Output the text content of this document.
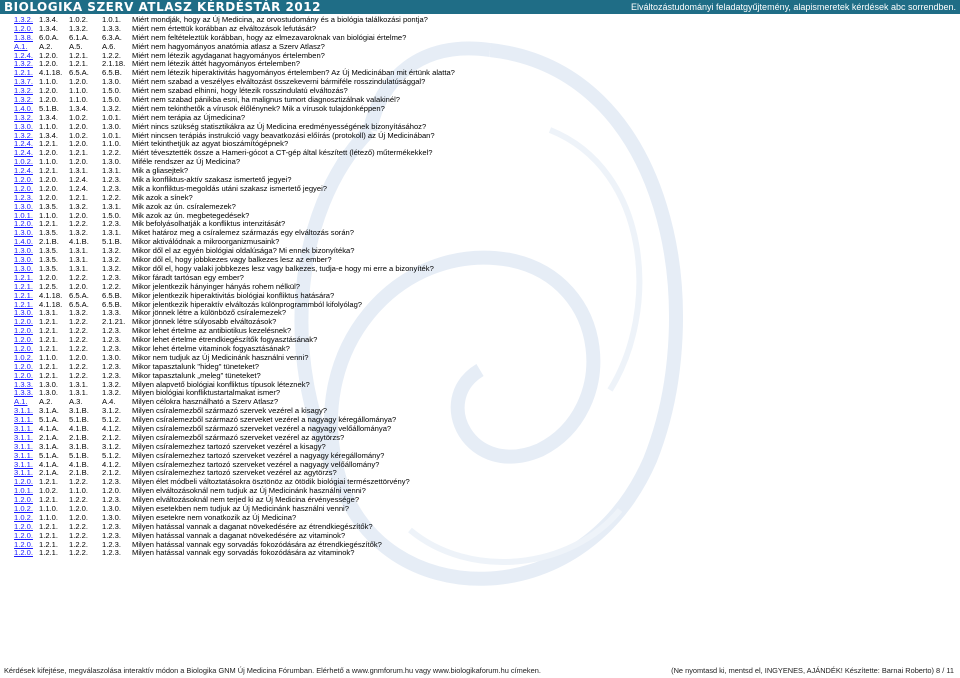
BIOLOGIKA SZERV ATLASZ KÉRDÉSTÁR 2012	Elváltozástudományi feladatgyűjtemény, alapismeretek kérdések abc sorrendben.
1.3.2. 1.3.4. 1.0.2. 1.0.1. Miért mondják, hogy az Új Medicina, az orvostudomány és a biológia találkozási pontja?
1.2.0. 1.3.4. 1.3.2. 1.3.3. Miért nem értettük korábban az elváltozások lefutását?
1.3.8. 6.0.A. 6.1.A. 6.3.A. Miért nem feltételeztük korábban, hogy az elmezavaroknak van biológiai értelme?
A.1. A.2. A.5.	A.6. Miért nem hagyományos anatómia atlasz a Szerv Atlasz?
1.2.4. 1.2.0. 1.2.1. 1.2.2. Miért nem létezik agydaganat hagyományos értelemben?
1.3.2. 1.2.0. 1.2.1. 2.1.18. Miért nem létezik áttét hagyományos értelemben?
1.2.1. 4.1.18. 6.5.A. 6.5.B. Miért nem létezik hiperaktivitás hagyományos értelemben? Az Új Medicinában mit értünk alatta?
1.3.7. 1.1.0. 1.2.0. 1.3.0. Miért nem szabad a veszélyes elváltozást összekeverni bármiféle rosszindulatúsággal?
1.3.2. 1.2.0. 1.1.0. 1.5.0. Miért nem szabad elhinni, hogy létezik rosszindulatú elváltozás?
1.3.2. 1.2.0. 1.1.0. 1.5.0. Miért nem szabad pánikba esni, ha malignus tumort diagnosztizálnak valakinél?
1.4.0. 5.1.B. 1.3.4. 1.3.2. Miért nem tekinthetők a vírusok élőlénynek? Mik a vírusok tulajdonképpen?
1.3.2. 1.3.4. 1.0.2. 1.0.1. Miért nem terápia az Újmedicina?
1.3.0. 1.1.0. 1.2.0. 1.3.0. Miért nincs szükség statisztikákra az Új Medicina eredményességének bizonyításához?
1.3.2. 1.3.4. 1.0.2. 1.0.1. Miért nincsen terápiás instrukció vagy beavatkozási előírás (protokoll) az Új Medicinában?
1.2.4. 1.2.1. 1.2.0. 1.1.0. Miért tekinthetjük az agyat bioszámítógépnek?
1.2.4. 1.2.0. 1.2.1. 1.2.2. Miért tévesztették össze a Hameri-gócot a CT-gép által készített (létező) műtermékekkel?
1.0.2. 1.1.0. 1.2.0. 1.3.0. Miféle rendszer az Új Medicina?
1.2.4. 1.2.1. 1.3.1. 1.3.1. Mik a gliasejtek?
1.2.0. 1.2.0. 1.2.4. 1.2.3. Mik a konfliktus-aktív szakasz ismertető jegyei?
1.2.0. 1.2.0. 1.2.4. 1.2.3. Mik a konfliktus-megoldás utáni szakasz ismertető jegyei?
1.2.3. 1.2.0. 1.2.1. 1.2.2. Mik azok a sínek?
1.3.0. 1.3.5. 1.3.2. 1.3.1. Mik azok az ún. csíralemezek?
1.0.1. 1.1.0. 1.2.0. 1.5.0. Mik azok az ún. megbetegedések?
1.2.0. 1.2.1. 1.2.2. 1.2.3. Mik befolyásolhatják a konfliktus intenzitását?
1.3.0. 1.3.5. 1.3.2. 1.3.1. Miket határoz meg a csíralemez származás egy elváltozás során?
1.4.0. 2.1.B. 4.1.B. 5.1.B. Mikor aktiválódnak a mikroorganizmusaink?
1.3.0. 1.3.5. 1.3.1. 1.3.2. Mikor dől el az egyén biológiai oldalúsága? Mi ennek bizonyítéka?
1.3.0. 1.3.5. 1.3.1. 1.3.2. Mikor dől el, hogy jobbkezes vagy balkezes lesz az ember?
1.3.0. 1.3.5. 1.3.1. 1.3.2. Mikor dől el, hogy valaki jobbkezes lesz vagy balkezes, tudja-e hogy mi erre a bizonyíték?
1.2.1. 1.2.0. 1.2.2. 1.2.3. Mikor fáradt tartósan egy ember?
1.2.1. 1.2.5. 1.2.0. 1.2.2. Mikor jelentkezik hányinger hányás rohem nélkül?
1.2.1. 4.1.18. 6.5.A. 6.5.B. Mikor jelentkezik hiperaktivitás biológiai konfliktus hatására?
1.2.1. 4.1.18. 6.5.A. 6.5.B. Mikor jelentkezik hiperaktív elváltozás különprogrammból kifolyólag?
1.3.0. 1.3.1. 1.3.2. 1.3.3. Mikor jönnek létre a különböző csíralemezek?
1.2.0. 1.2.1. 1.2.2. 2.1.21. Mikor jönnek létre súlyosabb elváltozások?
1.2.0. 1.2.1. 1.2.2. 1.2.3. Mikor lehet értelme az antibiotikus kezelésnek?
1.2.0. 1.2.1. 1.2.2. 1.2.3. Mikor lehet értelme étrendkiegészítők fogyasztásának?
1.2.0. 1.2.1. 1.2.2. 1.2.3. Mikor lehet értelme vitaminok fogyasztásának?
1.0.2. 1.1.0. 1.2.0. 1.3.0. Mikor nem tudjuk az Új Medicinánk használni venni?
1.2.0. 1.2.1. 1.2.2. 1.2.3. Mikor tapasztalunk "hideg" tüneteket?
1.2.0. 1.2.1. 1.2.2. 1.2.3. Mikor tapasztalunk „meleg” tüneteket?
1.3.3. 1.3.0. 1.3.1. 1.3.2. Milyen alapvető biológiai konfliktus típusok léteznek?
1.3.3. 1.3.0. 1.3.1. 1.3.2. Milyen biológiai konfliktustartalmakat ismer?
A.1. A.2. A.3.	A.4. Milyen célokra használható a Szerv Atlasz?
3.1.1. 3.1.A. 3.1.B. 3.1.2. Milyen csíralemezből származó szervek vezérel a kisagy?
3.1.1. 5.1.A. 5.1.B. 5.1.2. Milyen csíralemezből származó szerveket vezérel a nagyagy kéregállománya?
3.1.1. 4.1.A. 4.1.B. 4.1.2. Milyen csíralemezből származó szerveket vezérel a nagyagy velőállománya?
3.1.1. 2.1.A. 2.1.B. 2.1.2. Milyen csíralemezből származó szerveket vezérel az agytörzs?
3.1.1. 3.1.A. 3.1.B. 3.1.2. Milyen csíralemezhez tartozó szerveket vezérel a kisagy?
3.1.1. 5.1.A. 5.1.B. 5.1.2. Milyen csíralemezhez tartozó szerveket vezérel a nagyagy kéregállomány?
3.1.1. 4.1.A. 4.1.B. 4.1.2. Milyen csíralemezhez tartozó szerveket vezérel a nagyagy velőállomány?
3.1.1. 2.1.A. 2.1.B. 2.1.2. Milyen csíralemezhez tartozó szerveket vezérel az agytörzs?
1.2.0. 1.2.1. 1.2.2. 1.2.3. Milyen élet módbeli változtatásokra ösztönöz az ötödik biológiai természettörvény?
1.0.1. 1.0.2. 1.1.0. 1.2.0. Milyen elváltozásoknál nem tudjuk az Új Medicinánk használni venni?
1.2.0. 1.2.1. 1.2.2. 1.2.3. Milyen elváltozásoknál nem terjed ki az Új Medicina érvényessége?
1.0.2. 1.1.0. 1.2.0. 1.3.0. Milyen esetekben nem tudjuk az Új Medicinánk használni venni?
1.0.2. 1.1.0. 1.2.0. 1.3.0. Milyen esetekre nem vonatkozik az Új Medicina?
1.2.0. 1.2.1. 1.2.2. 1.2.3. Milyen hatással vannak a daganat növekedésére az étrendkiegészítők?
1.2.0. 1.2.1. 1.2.2. 1.2.3. Milyen hatással vannak a daganat növekedésére az vitaminok?
1.2.0. 1.2.1. 1.2.2. 1.2.3. Milyen hatással vannak egy sorvadás fokozódására az étrendkiegészítők?
1.2.0. 1.2.1. 1.2.2. 1.2.3. Milyen hatással vannak egy sorvadás fokozódására az vitaminok?
Kérdések kifejtése, megválaszolása interaktív módon a Biologika GNM Új Medicina Fórumban. Elérhető a www.gnmforum.hu vagy www.biologikaforum.hu címeken.	(Ne nyomtasd ki, mentsd el, INGYENES, AJÁNDÉK! Készítette: Barnai Roberto) 8 / 11
